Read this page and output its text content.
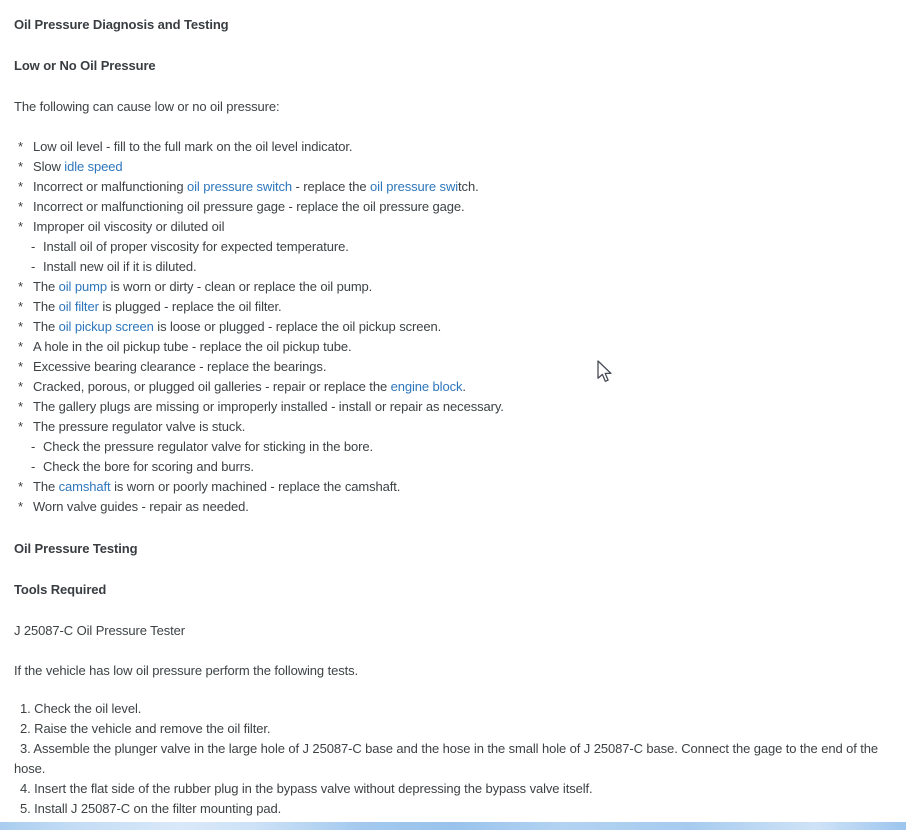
Oil Pressure Diagnosis and Testing
Low or No Oil Pressure
The following can cause low or no oil pressure:
* Low oil level - fill to the full mark on the oil level indicator.
* Slow idle speed
* Incorrect or malfunctioning oil pressure switch - replace the oil pressure switch.
* Incorrect or malfunctioning oil pressure gage - replace the oil pressure gage.
* Improper oil viscosity or diluted oil
- Install oil of proper viscosity for expected temperature.
- Install new oil if it is diluted.
* The oil pump is worn or dirty - clean or replace the oil pump.
* The oil filter is plugged - replace the oil filter.
* The oil pickup screen is loose or plugged - replace the oil pickup screen.
* A hole in the oil pickup tube - replace the oil pickup tube.
* Excessive bearing clearance - replace the bearings.
* Cracked, porous, or plugged oil galleries - repair or replace the engine block.
* The gallery plugs are missing or improperly installed - install or repair as necessary.
* The pressure regulator valve is stuck.
- Check the pressure regulator valve for sticking in the bore.
- Check the bore for scoring and burrs.
* The camshaft is worn or poorly machined - replace the camshaft.
* Worn valve guides - repair as needed.
Oil Pressure Testing
Tools Required
J 25087-C Oil Pressure Tester
If the vehicle has low oil pressure perform the following tests.
1. Check the oil level.
2. Raise the vehicle and remove the oil filter.
3. Assemble the plunger valve in the large hole of J 25087-C base and the hose in the small hole of J 25087-C base. Connect the gage to the end of the hose.
4. Insert the flat side of the rubber plug in the bypass valve without depressing the bypass valve itself.
5. Install J 25087-C on the filter mounting pad.
